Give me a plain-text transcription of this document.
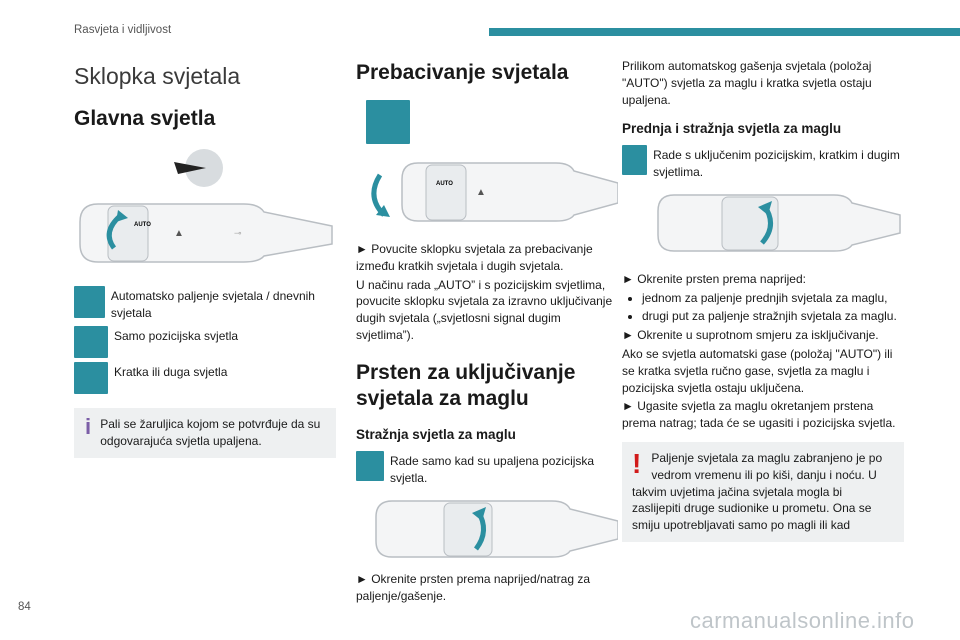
Rasvjeta i vidljivost
Sklopka svjetala
Glavna svjetla
AUTO
▲	⊸
Automatsko paljenje svjetala / dnevnih svjetala
Samo pozicijska svjetla
Kratka ili duga svjetla
i Pali se žaruljica kojom se potvrđuje da su odgovarajuća svjetla upaljena.
Prebacivanje svjetala
AUTO
▲

► Povucite sklopku svjetala za prebacivanje između kratkih svjetala i dugih svjetala.

U načinu rada „AUTO” i s pozicijskim svjetlima, povucite sklopku svjetala za izravno uključivanje dugih svjetala („svjetlosni signal dugim svjetlima”).

Prsten za uključivanje svjetala za maglu
Stražnja svjetla za maglu
Rade samo kad su upaljena pozicijska svjetla.

► Okrenite prsten prema naprijed/natrag za paljenje/gašenje.

Prilikom automatskog gašenja svjetala (položaj "AUTO") svjetla za maglu i kratka svjetla ostaju upaljena.

Prednja i stražnja svjetla za maglu
Rade s uključenim pozicijskim, kratkim i dugim svjetlima.

► Okrenite prsten prema naprijed:

• jednom za paljenje prednjih svjetala za maglu,
• drugi put za paljenje stražnjih svjetala za maglu.

► Okrenite u suprotnom smjeru za isključivanje.

Ako se svjetla automatski gase (položaj "AUTO") ili se kratka svjetla ručno gase, svjetla za maglu i pozicijska svjetla ostaju uključena.

► Ugasite svjetla za maglu okretanjem prstena prema natrag; tada će se ugasiti i pozicijska svjetla.

! Paljenje svjetala za maglu zabranjeno je po vedrom vremenu ili po kiši, danju i noću. U takvim uvjetima jačina svjetala mogla bi zaslijepiti druge sudionike u prometu. Ona se smiju upotrebljavati samo po magli ili kad
84
carmanualsonline.info
